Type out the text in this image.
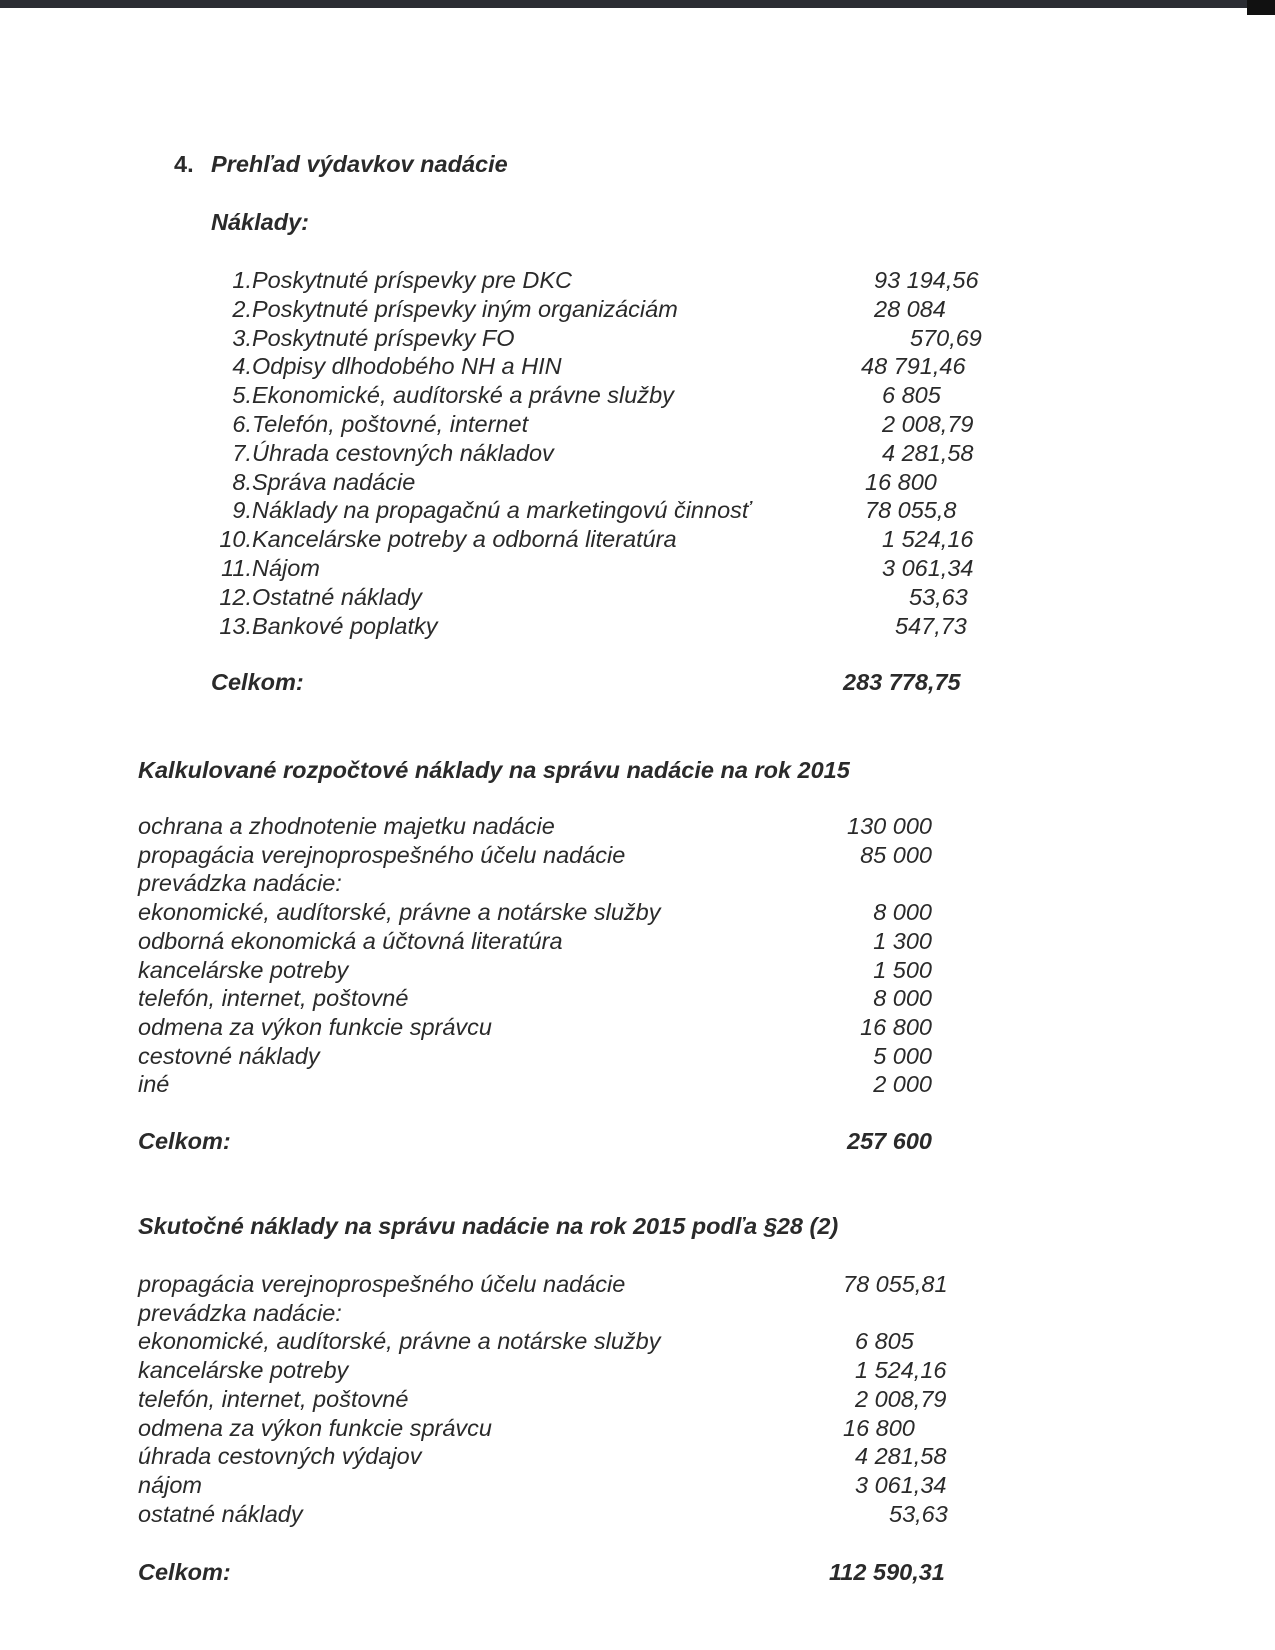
4. Prehľad výdavkov nadácie
Náklady:
1. Poskytnuté príspevky pre DKC	93 194,56
2. Poskytnuté príspevky iným organizáciám	28 084
3. Poskytnuté príspevky FO	570,69
4. Odpisy dlhodobého NH a HIN	48 791,46
5. Ekonomické, audítorské a právne služby	6 805
6. Telefón, poštovné, internet	2 008,79
7. Úhrada cestovných nákladov	4 281,58
8. Správa nadácie	16 800
9. Náklady na propagačnú a marketingovú činnosť	78 055,8
10. Kancelárske potreby a odborná literatúra	1 524,16
11. Nájom	3 061,34
12. Ostatné náklady	53,63
13. Bankové poplatky	547,73
Celkom:	283 778,75
Kalkulované rozpočtové náklady na správu nadácie na rok 2015
ochrana a zhodnotenie majetku nadácie	130 000
propagácia verejnoprospešného účelu nadácie	85 000
prevádzka nadácie:
ekonomické, audítorské, právne a notárske služby	8 000
odborná ekonomická a účtovná literatúra	1 300
kancelárske potreby	1 500
telefón, internet, poštovné	8 000
odmena za výkon funkcie správcu	16 800
cestovné náklady	5 000
iné	2 000
Celkom:	257 600
Skutočné náklady na správu nadácie na rok 2015 podľa §28 (2)
propagácia verejnoprospešného účelu nadácie	78 055,81
prevádzka nadácie:
ekonomické, audítorské, právne a notárske služby	6 805
kancelárske potreby	1 524,16
telefón, internet, poštovné	2 008,79
odmena za výkon funkcie správcu	16 800
úhrada cestovných výdajov	4 281,58
nájom	3 061,34
ostatné náklady	53,63
Celkom:	112 590,31
